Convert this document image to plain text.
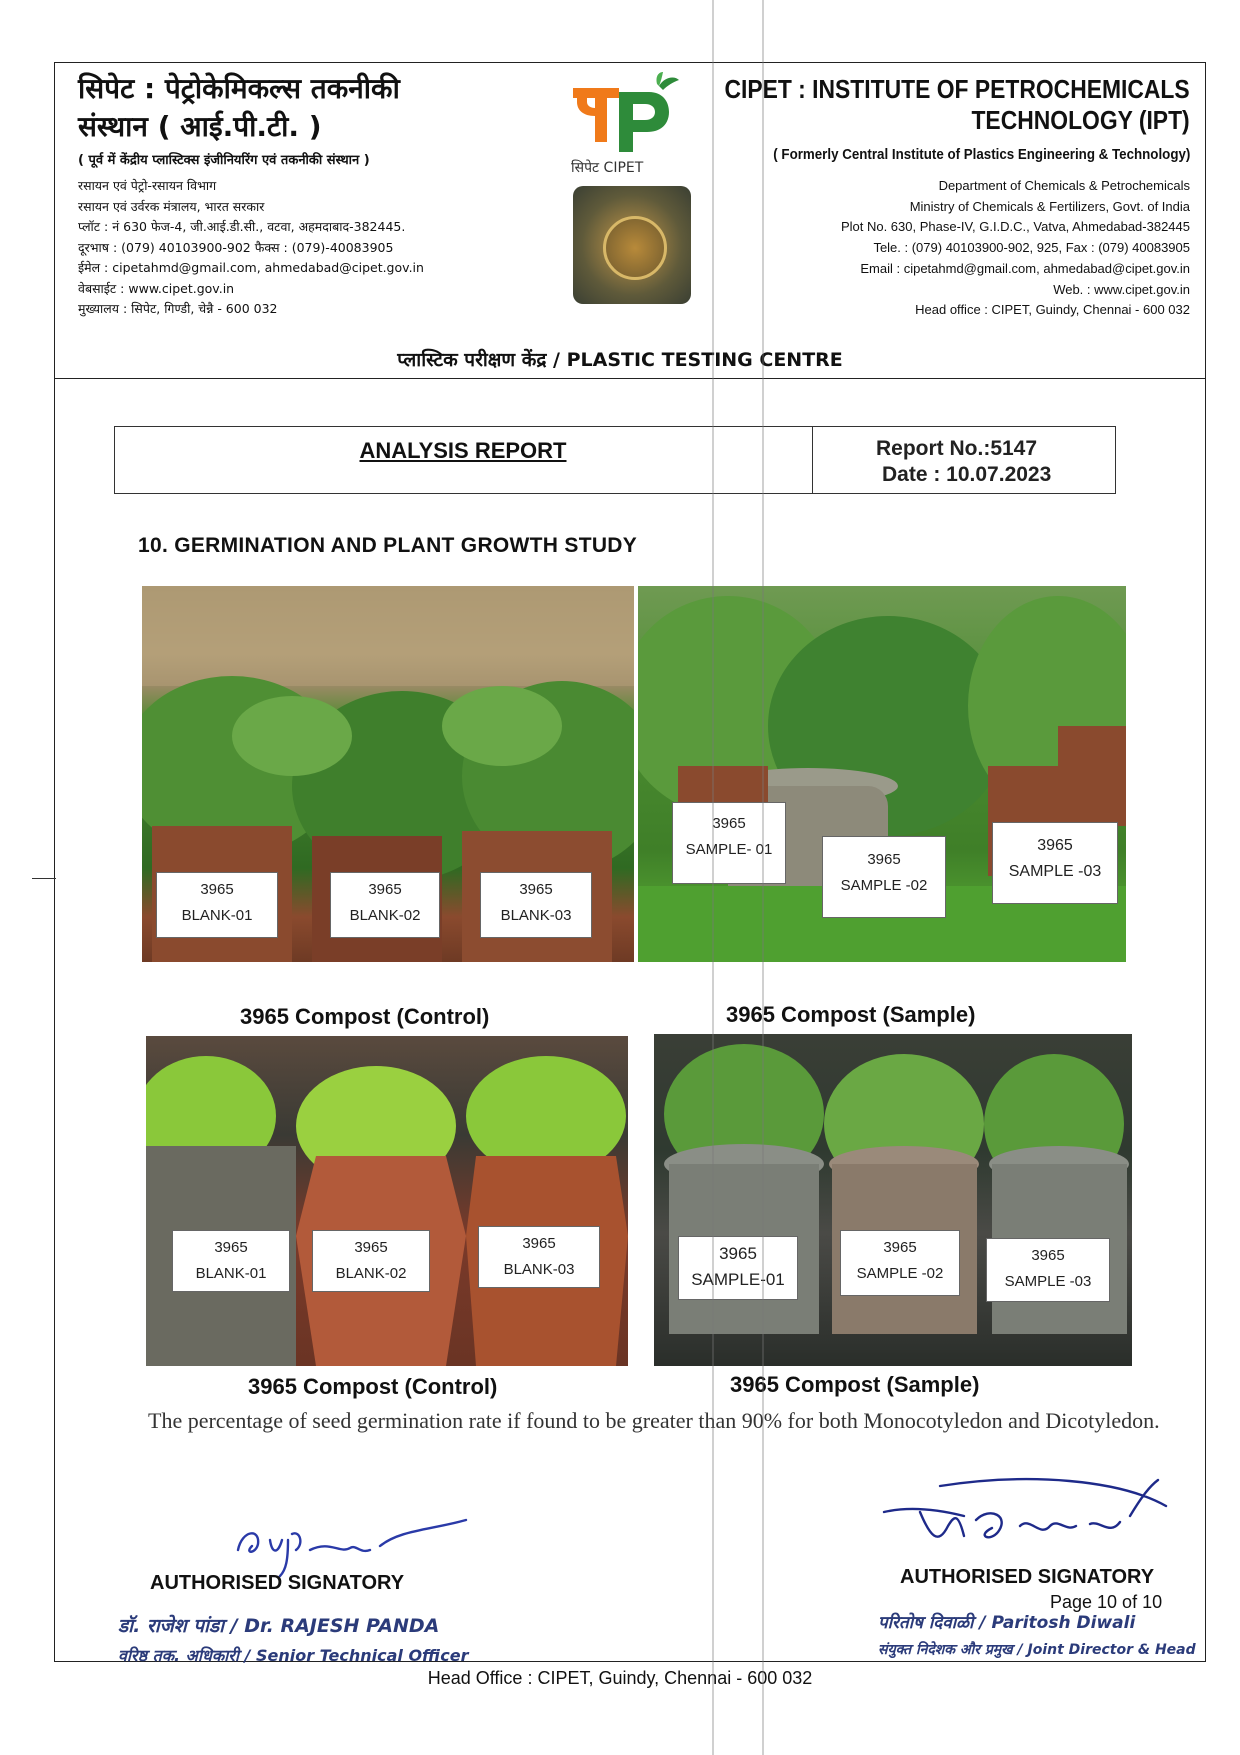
सिपेट : पेट्रोकेमिकल्स तकनीकी
संस्थान ( आई.पी.टी. )
( पूर्व में केंद्रीय प्लास्टिक्स इंजीनियरिंग एवं तकनीकी संस्थान )
रसायन एवं पेट्रो-रसायन विभाग
रसायन एवं उर्वरक मंत्रालय, भारत सरकार
प्लॉट : नं 630 फेज-4, जी.आई.डी.सी., वटवा, अहमदाबाद-382445.
दूरभाष : (079) 40103900-902 फैक्स : (079)-40083905
ईमेल : cipetahmd@gmail.com, ahmedabad@cipet.gov.in
वेबसाईट : www.cipet.gov.in
मुख्यालय : सिपेट, गिण्डी, चेन्नै - 600 032
सिपेट CIPET
CIPET : INSTITUTE OF PETROCHEMICALS
TECHNOLOGY (IPT)
( Formerly Central Institute of Plastics Engineering & Technology)
Department of Chemicals & Petrochemicals
Ministry of Chemicals & Fertilizers, Govt. of India
Plot No. 630, Phase-IV, G.I.D.C., Vatva, Ahmedabad-382445
Tele. : (079) 40103900-902, 925, Fax : (079) 40083905
Email : cipetahmd@gmail.com, ahmedabad@cipet.gov.in
Web. : www.cipet.gov.in
Head office : CIPET, Guindy, Chennai - 600 032
प्लास्टिक परीक्षण केंद्र / PLASTIC TESTING CENTRE
ANALYSIS REPORT	Report No.:5147
Date : 10.07.2023
10. GERMINATION AND PLANT GROWTH STUDY
3965
BLANK-01
3965
BLANK-02
3965
BLANK-03
3965
SAMPLE- 01
3965
SAMPLE -02
3965
SAMPLE -03
3965 Compost (Control)	3965 Compost (Sample)
3965
BLANK-01
3965
BLANK-02
3965
BLANK-03
3965
SAMPLE-01
3965
SAMPLE -02
3965
SAMPLE -03
3965 Compost (Control)	3965 Compost (Sample)
The percentage of seed germination rate if found to be greater than 90% for both Monocotyledon and Dicotyledon.
AUTHORISED SIGNATORY
डॉ. राजेश पांडा / Dr. RAJESH PANDA
वरिष्ठ तक. अधिकारी / Senior Technical Officer
AUTHORISED SIGNATORY
Page 10 of 10
परितोष दिवाळी / Paritosh Diwali
संयुक्त निदेशक और प्रमुख / Joint Director & Head
Head Office : CIPET, Guindy, Chennai - 600 032
